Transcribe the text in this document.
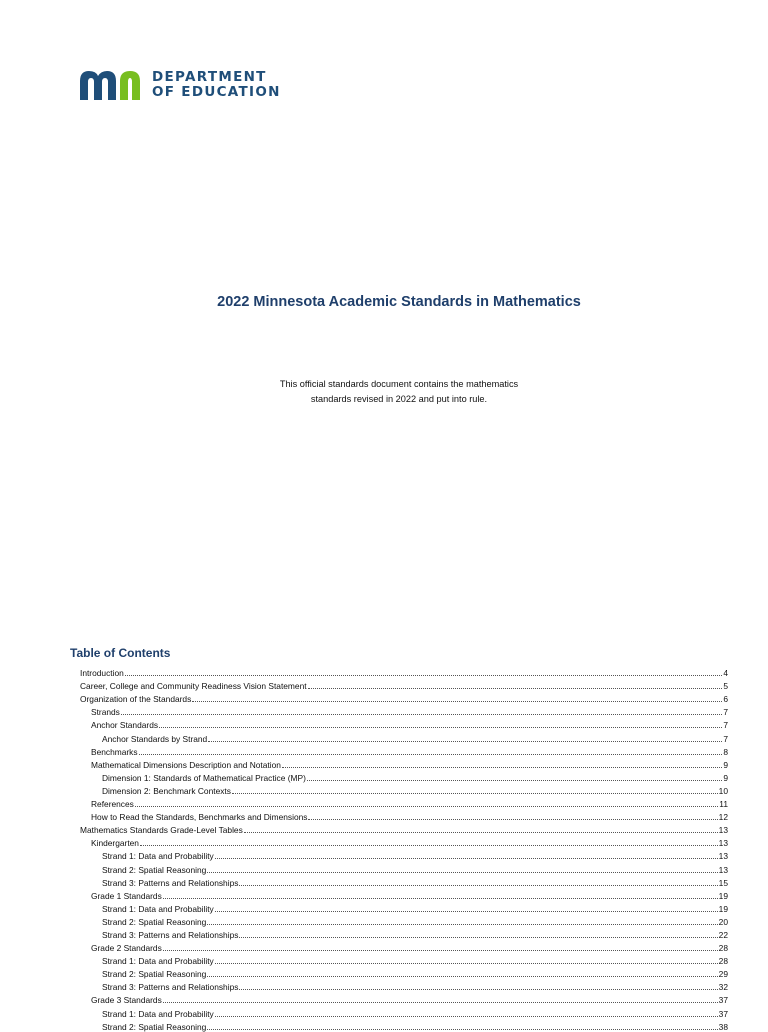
DEPARTMENT
OF EDUCATION
2022 Minnesota Academic Standards in Mathematics
This official standards document contains the mathematics
standards revised in 2022 and put into rule.
Table of Contents
Introduction	4
Career, College and Community Readiness Vision Statement	5
Organization of the Standards	6
Strands	7
Anchor Standards	7
Anchor Standards by Strand	7
Benchmarks	8
Mathematical Dimensions Description and Notation	9
Dimension 1: Standards of Mathematical Practice (MP)	9
Dimension 2: Benchmark Contexts	10
References	11
How to Read the Standards, Benchmarks and Dimensions	12
Mathematics Standards Grade-Level Tables	13
Kindergarten	13
Strand 1: Data and Probability	13
Strand 2: Spatial Reasoning	13
Strand 3: Patterns and Relationships	15
Grade 1 Standards	19
Strand 1: Data and Probability	19
Strand 2: Spatial Reasoning	20
Strand 3: Patterns and Relationships	22
Grade 2 Standards	28
Strand 1: Data and Probability	28
Strand 2: Spatial Reasoning	29
Strand 3: Patterns and Relationships	32
Grade 3 Standards	37
Strand 1: Data and Probability	37
Strand 2: Spatial Reasoning	38
